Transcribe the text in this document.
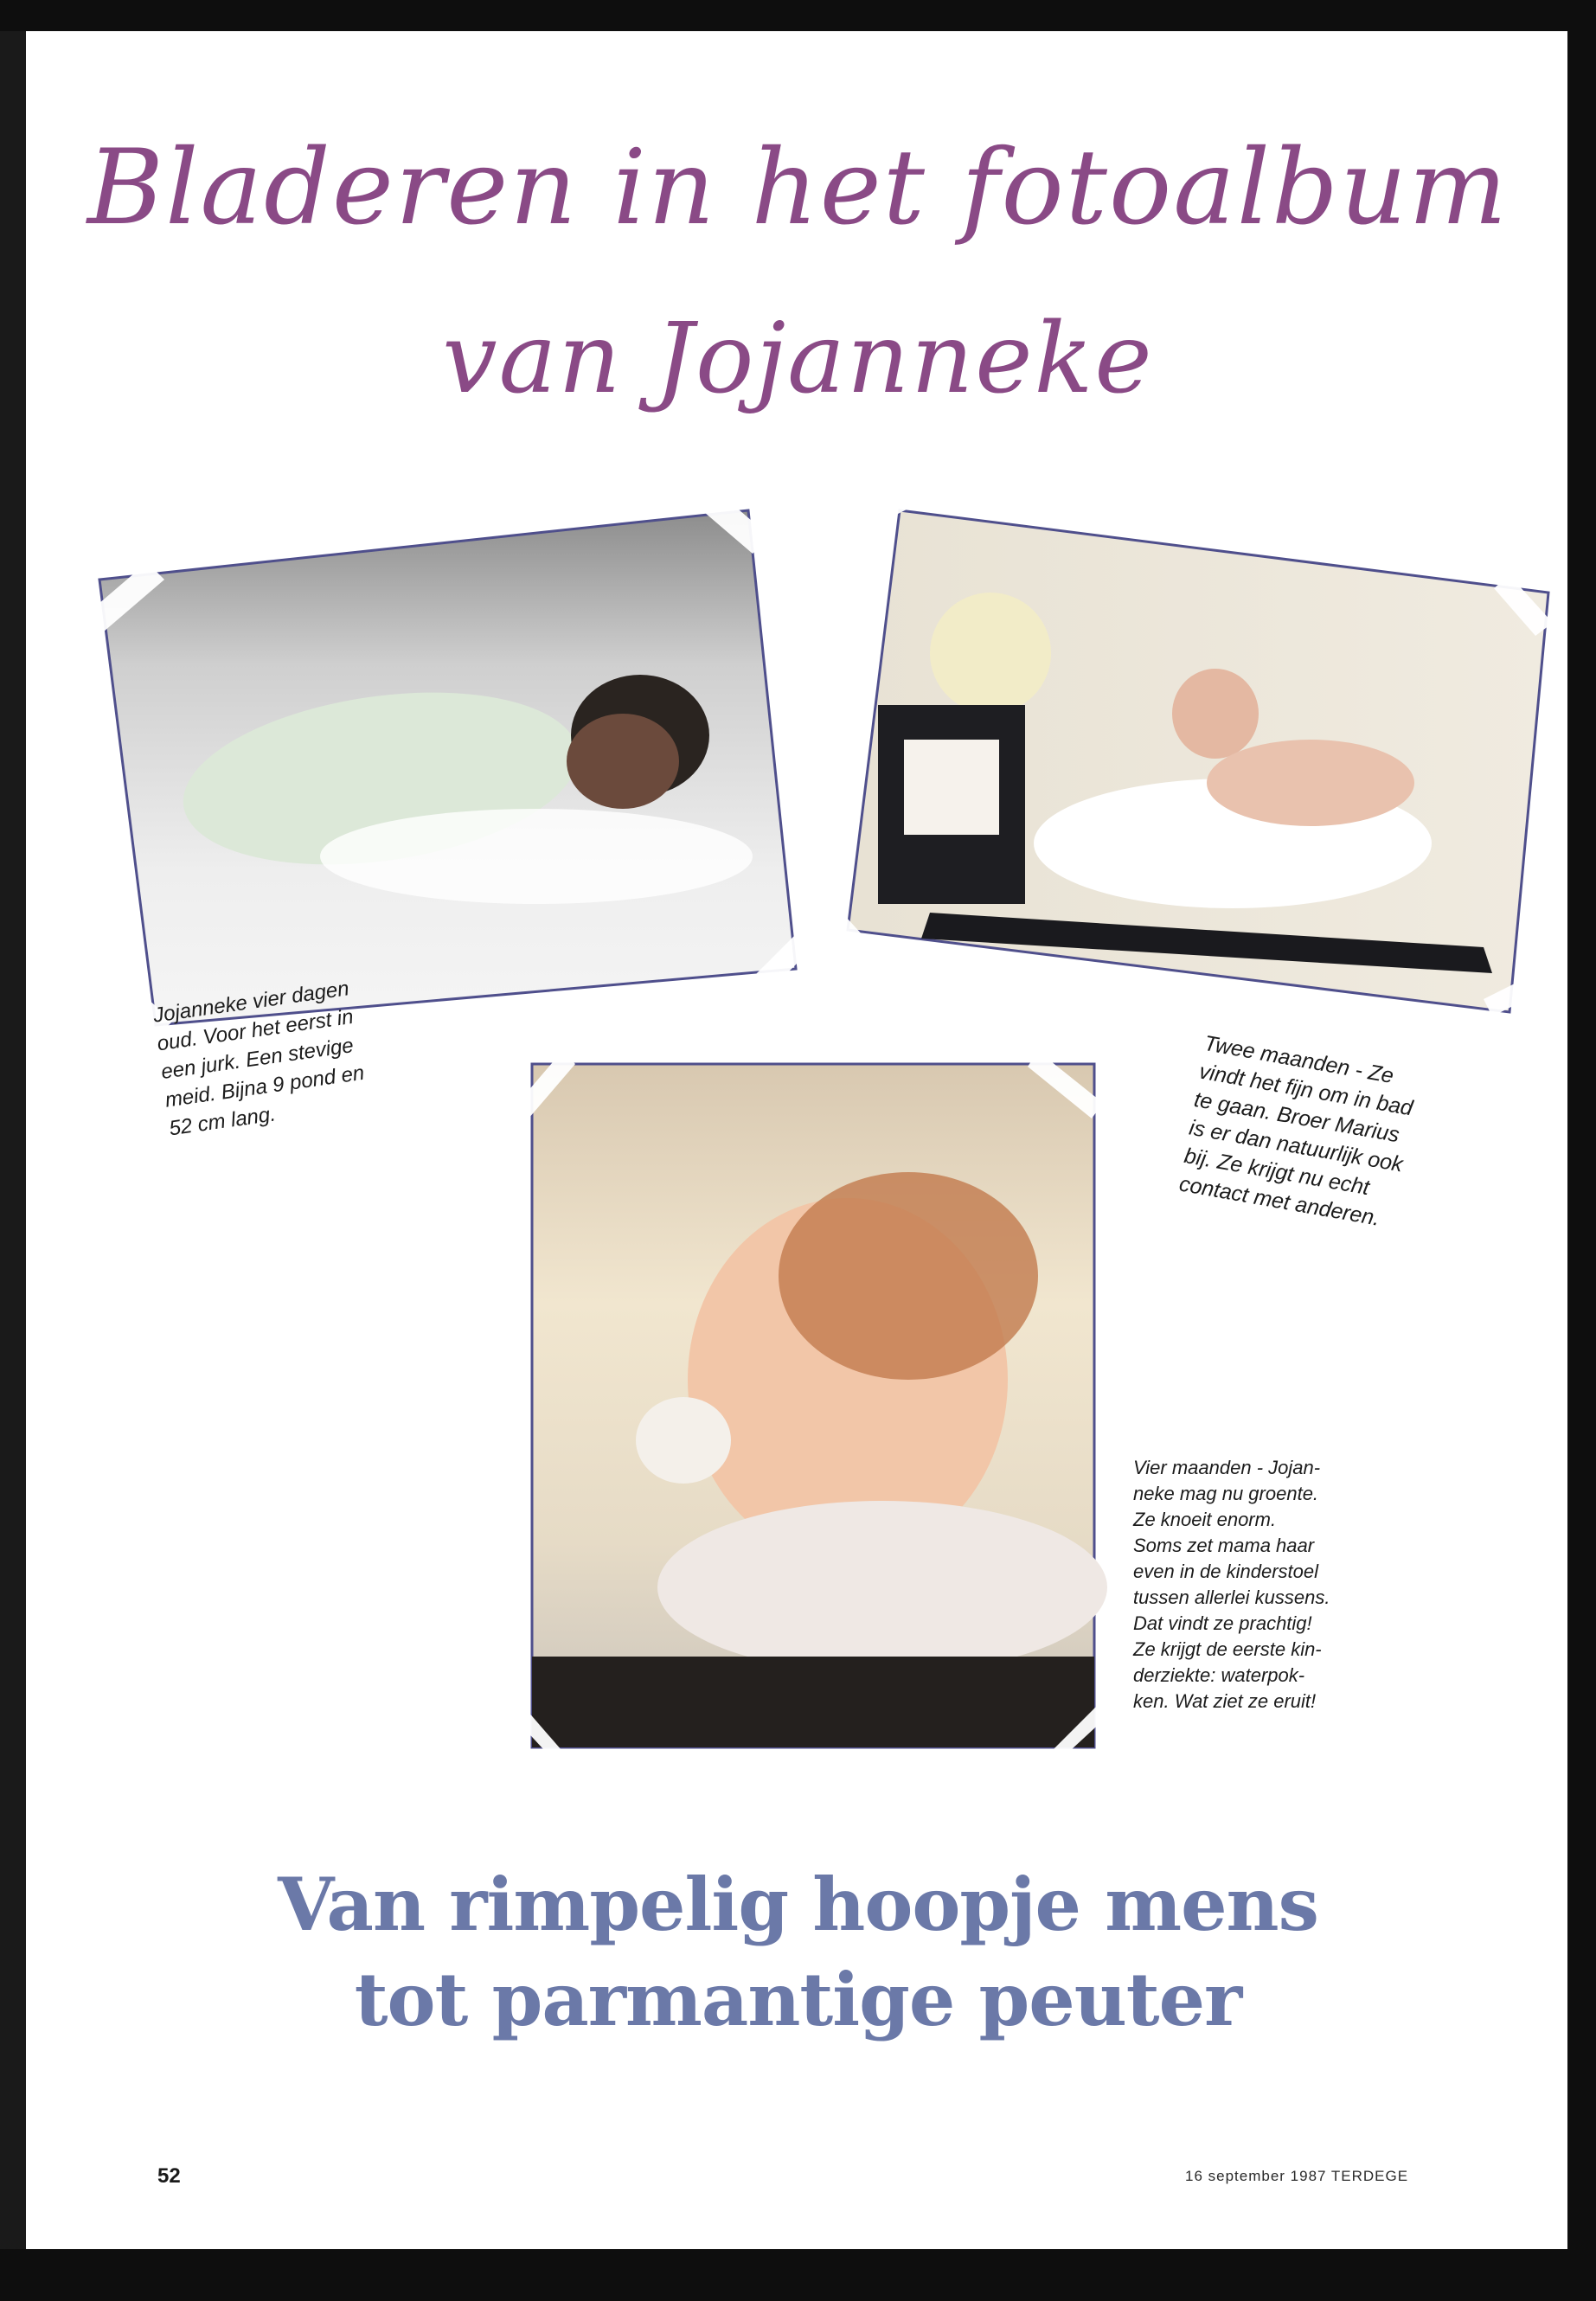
Bladeren in het fotoalbum
van Jojanneke

Jojanneke vier dagen
oud. Voor het eerst in
een jurk. Een stevige
meid. Bijna 9 pond en
52 cm lang.

Twee maanden - Ze
vindt het fijn om in bad
te gaan. Broer Marius
is er dan natuurlijk ook
bij. Ze krijgt nu echt
contact met anderen.

Vier maanden - Jojan-
neke mag nu groente.
Ze knoeit enorm.
Soms zet mama haar
even in de kinderstoel
tussen allerlei kussens.
Dat vindt ze prachtig!
Ze krijgt de eerste kin-
derziekte: waterpok-
ken. Wat ziet ze eruit!

Van rimpelig hoopje mens
tot parmantige peuter

52	16 september 1987 TERDEGE
